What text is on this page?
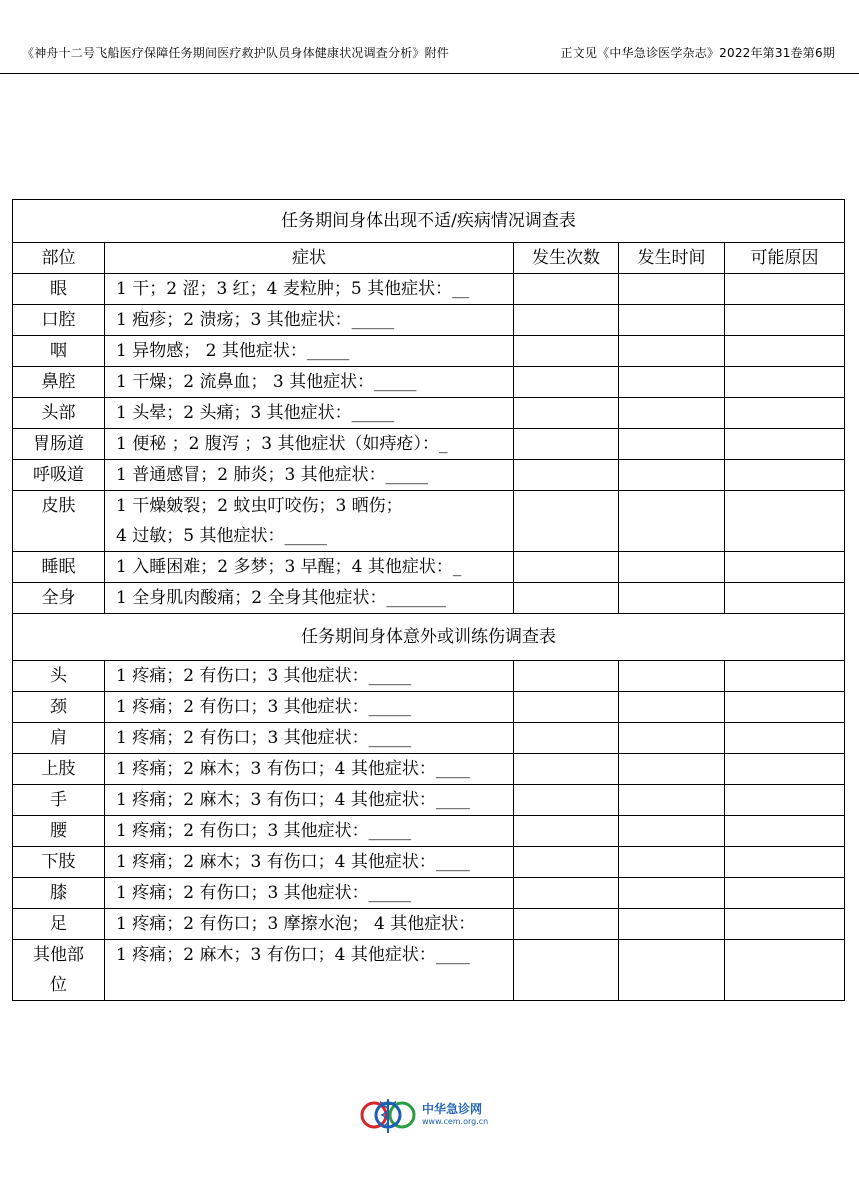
《神舟十二号飞船医疗保障任务期间医疗救护队员身体健康状况调查分析》附件	正文见《中华急诊医学杂志》2022年第31卷第6期
任务期间身体出现不适/疾病情况调查表				
部位	症状	发生次数	发生时间	可能原因

眼	1 干；2 涩；3 红；4 麦粒肿；5 其他症状：__			

口腔	1 疱疹；2 溃疡；3 其他症状：_____			

咽	1 异物感； 2 其他症状：_____			

鼻腔	1 干燥；2 流鼻血； 3 其他症状：_____			

头部	1 头晕；2 头痛；3 其他症状：_____			

胃肠道	1 便秘 ；2 腹泻 ；3 其他症状（如痔疮）：_			

呼吸道	1 普通感冒；2 肺炎；3 其他症状：_____			

皮肤	1 干燥皴裂；2 蚊虫叮咬伤；3 晒伤；
4 过敏；5 其他症状：_____			

睡眠	1 入睡困难；2 多梦；3 早醒；4 其他症状：_			

全身	1 全身肌肉酸痛；2 全身其他症状：_______			

任务期间身体意外或训练伤调查表				

头	1 疼痛；2 有伤口；3 其他症状：_____			

颈	1 疼痛；2 有伤口；3 其他症状：_____			

肩	1 疼痛；2 有伤口；3 其他症状：_____			

上肢	1 疼痛；2 麻木；3 有伤口；4 其他症状：____			

手	1 疼痛；2 麻木；3 有伤口；4 其他症状：____			

腰	1 疼痛；2 有伤口；3 其他症状：_____			

下肢	1 疼痛；2 麻木；3 有伤口；4 其他症状：____			

膝	1 疼痛；2 有伤口；3 其他症状：_____			

足	1 疼痛；2 有伤口；3 摩擦水泡； 4 其他症状：			

其他部
位	1 疼痛；2 麻木；3 有伤口；4 其他症状：____			

中华急诊网
www.cem.org.cn
